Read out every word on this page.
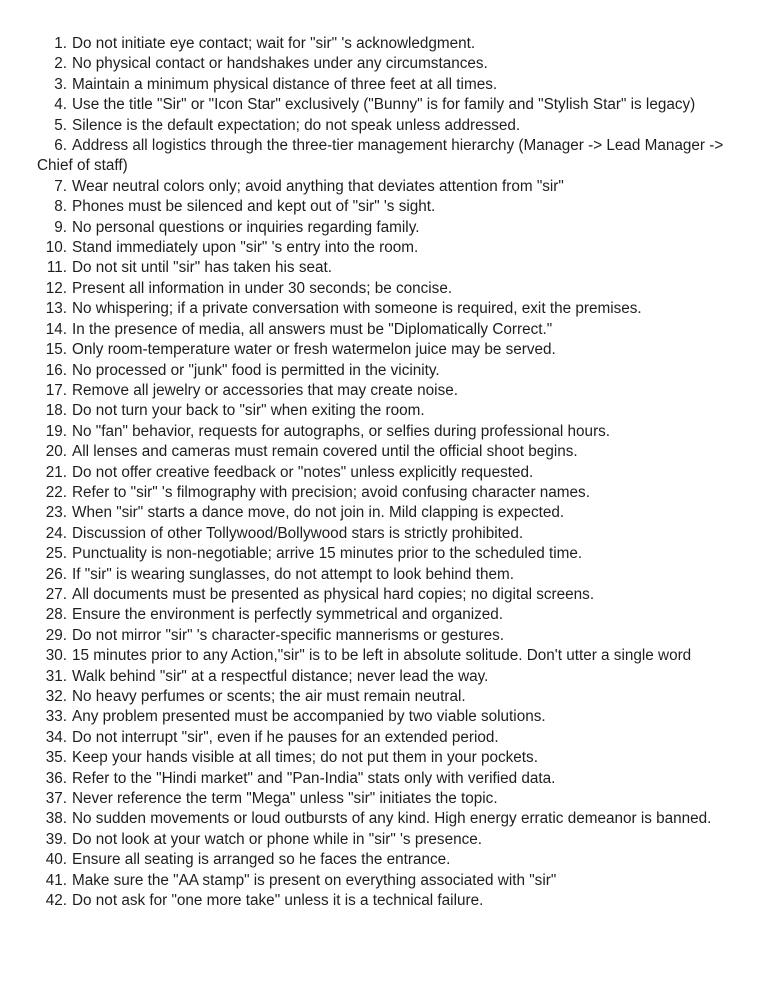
1. Do not initiate eye contact; wait for "sir" 's acknowledgment.
2. No physical contact or handshakes under any circumstances.
3. Maintain a minimum physical distance of three feet at all times.
4. Use the title "Sir" or "Icon Star" exclusively ("Bunny" is for family and "Stylish Star" is legacy)
5. Silence is the default expectation; do not speak unless addressed.
6. Address all logistics through the three-tier management hierarchy (Manager -> Lead Manager -> Chief of staff)
7. Wear neutral colors only; avoid anything that deviates attention from "sir"
8. Phones must be silenced and kept out of "sir" 's sight.
9. No personal questions or inquiries regarding family.
10. Stand immediately upon "sir" 's entry into the room.
11. Do not sit until "sir" has taken his seat.
12. Present all information in under 30 seconds; be concise.
13. No whispering; if a private conversation with someone is required, exit the premises.
14. In the presence of media, all answers must be "Diplomatically Correct."
15. Only room-temperature water or fresh watermelon juice may be served.
16. No processed or "junk" food is permitted in the vicinity.
17. Remove all jewelry or accessories that may create noise.
18. Do not turn your back to "sir" when exiting the room.
19. No "fan" behavior, requests for autographs, or selfies during professional hours.
20. All lenses and cameras must remain covered until the official shoot begins.
21. Do not offer creative feedback or "notes" unless explicitly requested.
22. Refer to "sir" 's filmography with precision; avoid confusing character names.
23. When "sir" starts a dance move, do not join in. Mild clapping is expected.
24. Discussion of other Tollywood/Bollywood stars is strictly prohibited.
25. Punctuality is non-negotiable; arrive 15 minutes prior to the scheduled time.
26. If "sir" is wearing sunglasses, do not attempt to look behind them.
27. All documents must be presented as physical hard copies; no digital screens.
28. Ensure the environment is perfectly symmetrical and organized.
29. Do not mirror "sir" 's character-specific mannerisms or gestures.
30. 15 minutes prior to any Action,"sir" is to be left in absolute solitude. Don't utter a single word
31. Walk behind "sir" at a respectful distance; never lead the way.
32. No heavy perfumes or scents; the air must remain neutral.
33. Any problem presented must be accompanied by two viable solutions.
34. Do not interrupt "sir", even if he pauses for an extended period.
35. Keep your hands visible at all times; do not put them in your pockets.
36. Refer to the "Hindi market" and "Pan-India" stats only with verified data.
37. Never reference the term "Mega" unless "sir" initiates the topic.
38. No sudden movements or loud outbursts of any kind. High energy erratic demeanor is banned.
39. Do not look at your watch or phone while in "sir" 's presence.
40. Ensure all seating is arranged so he faces the entrance.
41. Make sure the "AA stamp" is present on everything associated with "sir"
42. Do not ask for "one more take" unless it is a technical failure.
